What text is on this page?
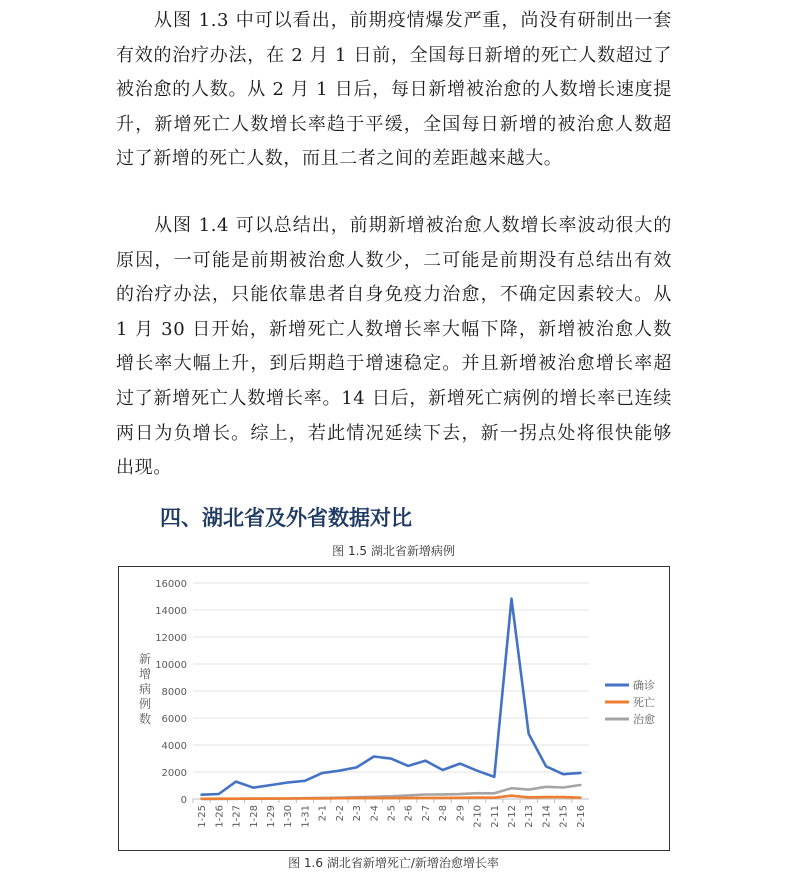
从图 1.3 中可以看出，前期疫情爆发严重，尚没有研制出一套有效的治疗办法，在 2 月 1 日前，全国每日新增的死亡人数超过了被治愈的人数。从 2 月 1 日后，每日新增被治愈的人数增长速度提升，新增死亡人数增长率趋于平缓，全国每日新增的被治愈人数超过了新增的死亡人数，而且二者之间的差距越来越大。

从图 1.4 可以总结出，前期新增被治愈人数增长率波动很大的原因，一可能是前期被治愈人数少，二可能是前期没有总结出有效的治疗办法，只能依靠患者自身免疫力治愈，不确定因素较大。从 1 月 30 日开始，新增死亡人数增长率大幅下降，新增被治愈人数增长率大幅上升，到后期趋于增速稳定。并且新增被治愈增长率超过了新增死亡人数增长率。14 日后，新增死亡病例的增长率已连续两日为负增长。综上，若此情况延续下去，新一拐点处将很快能够出现。

四、湖北省及外省数据对比
图 1.5 湖北省新增病例
0
2000
4000
6000
8000
10000
12000
14000
16000
1-25 1-26 1-27 1-28 1-29 1-30 1-31 2-1 2-2 2-3 2-4 2-5 2-6 2-7 2-8 2-9 2-10 2-11 2-12 2-13 2-14 2-15 2-16
确诊
死亡
治愈
新增病例数
图 1.6 湖北省新增死亡/新增治愈增长率
